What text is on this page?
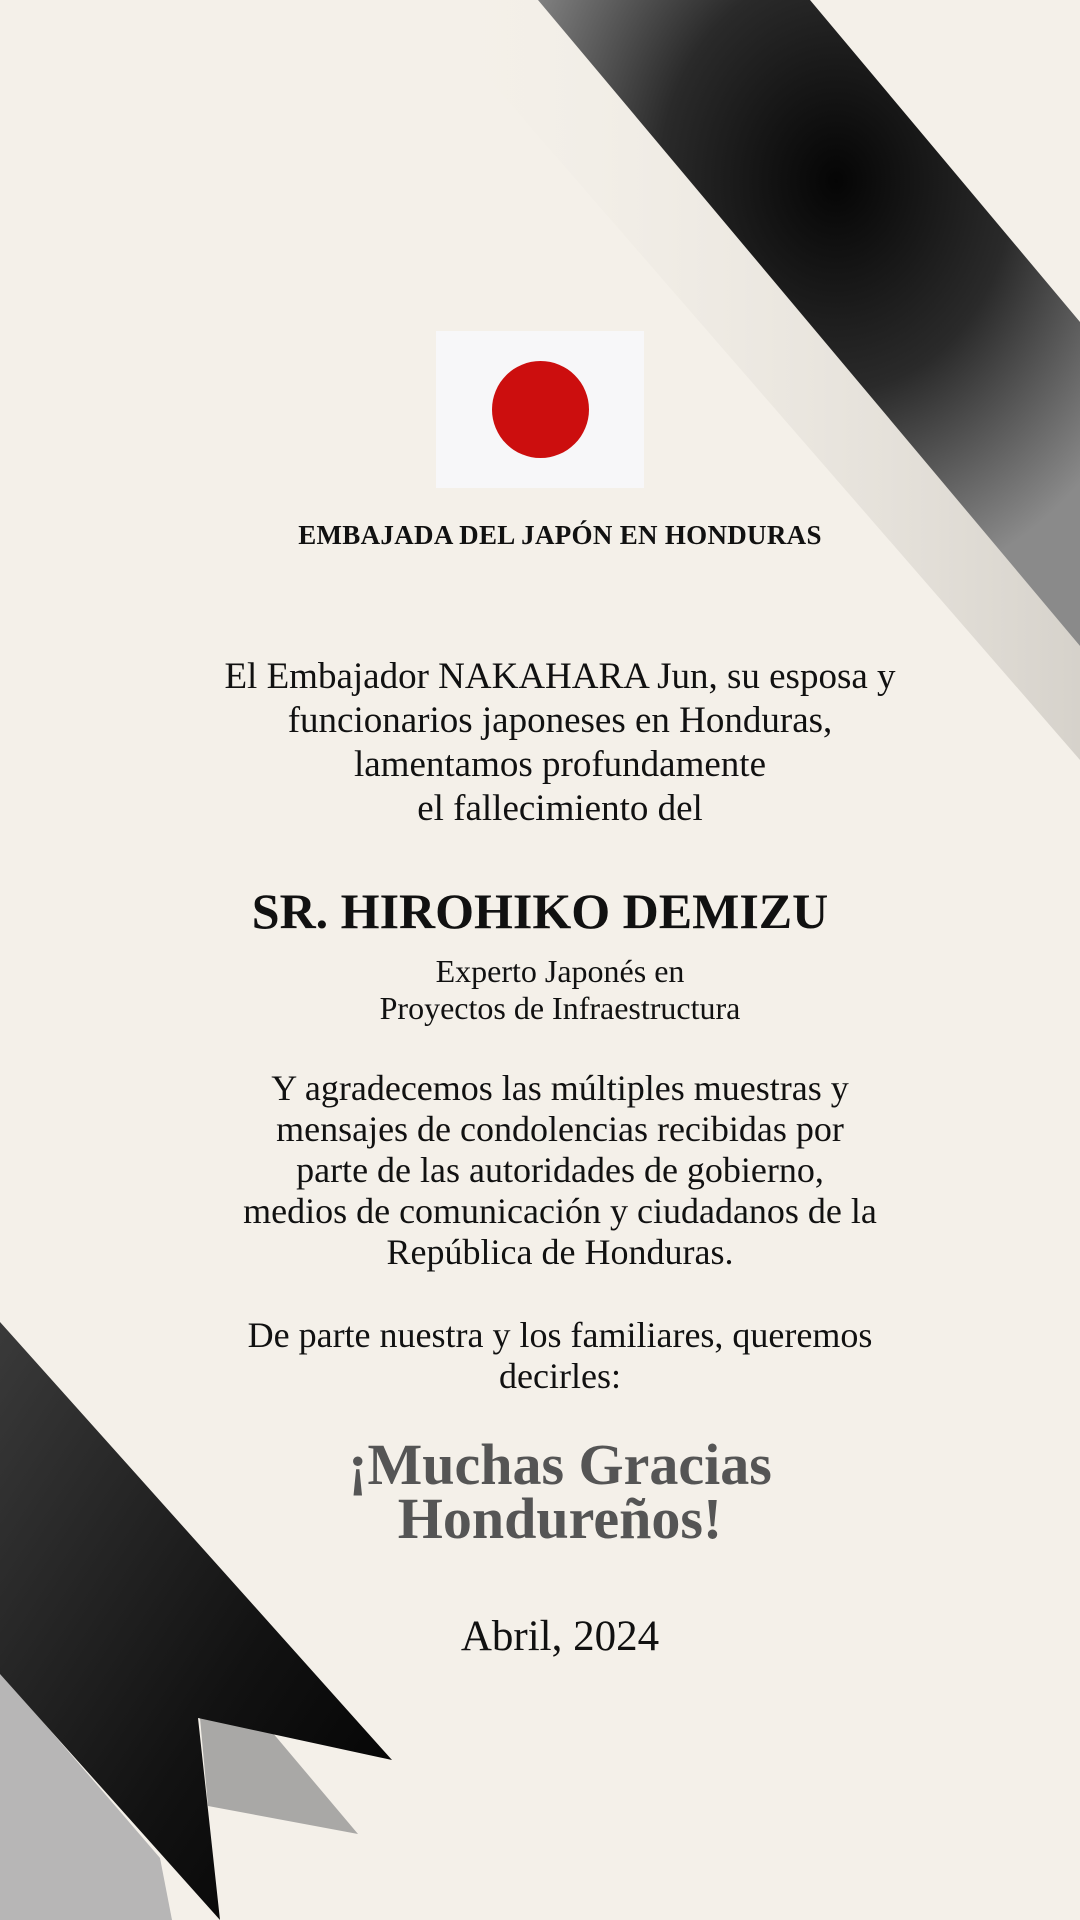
EMBAJADA DEL JAPÓN EN HONDURAS

El Embajador NAKAHARA Jun, su esposa y
funcionarios japoneses en Honduras,
lamentamos profundamente
el fallecimiento del

SR. HIROHIKO DEMIZU

Experto Japonés en
Proyectos de Infraestructura

Y agradecemos las múltiples muestras y
mensajes de condolencias recibidas por
parte de las autoridades de gobierno,
medios de comunicación y ciudadanos de la
República de Honduras.

De parte nuestra y los familiares, queremos
decirles:

¡Muchas Gracias
Hondureños!

Abril, 2024
